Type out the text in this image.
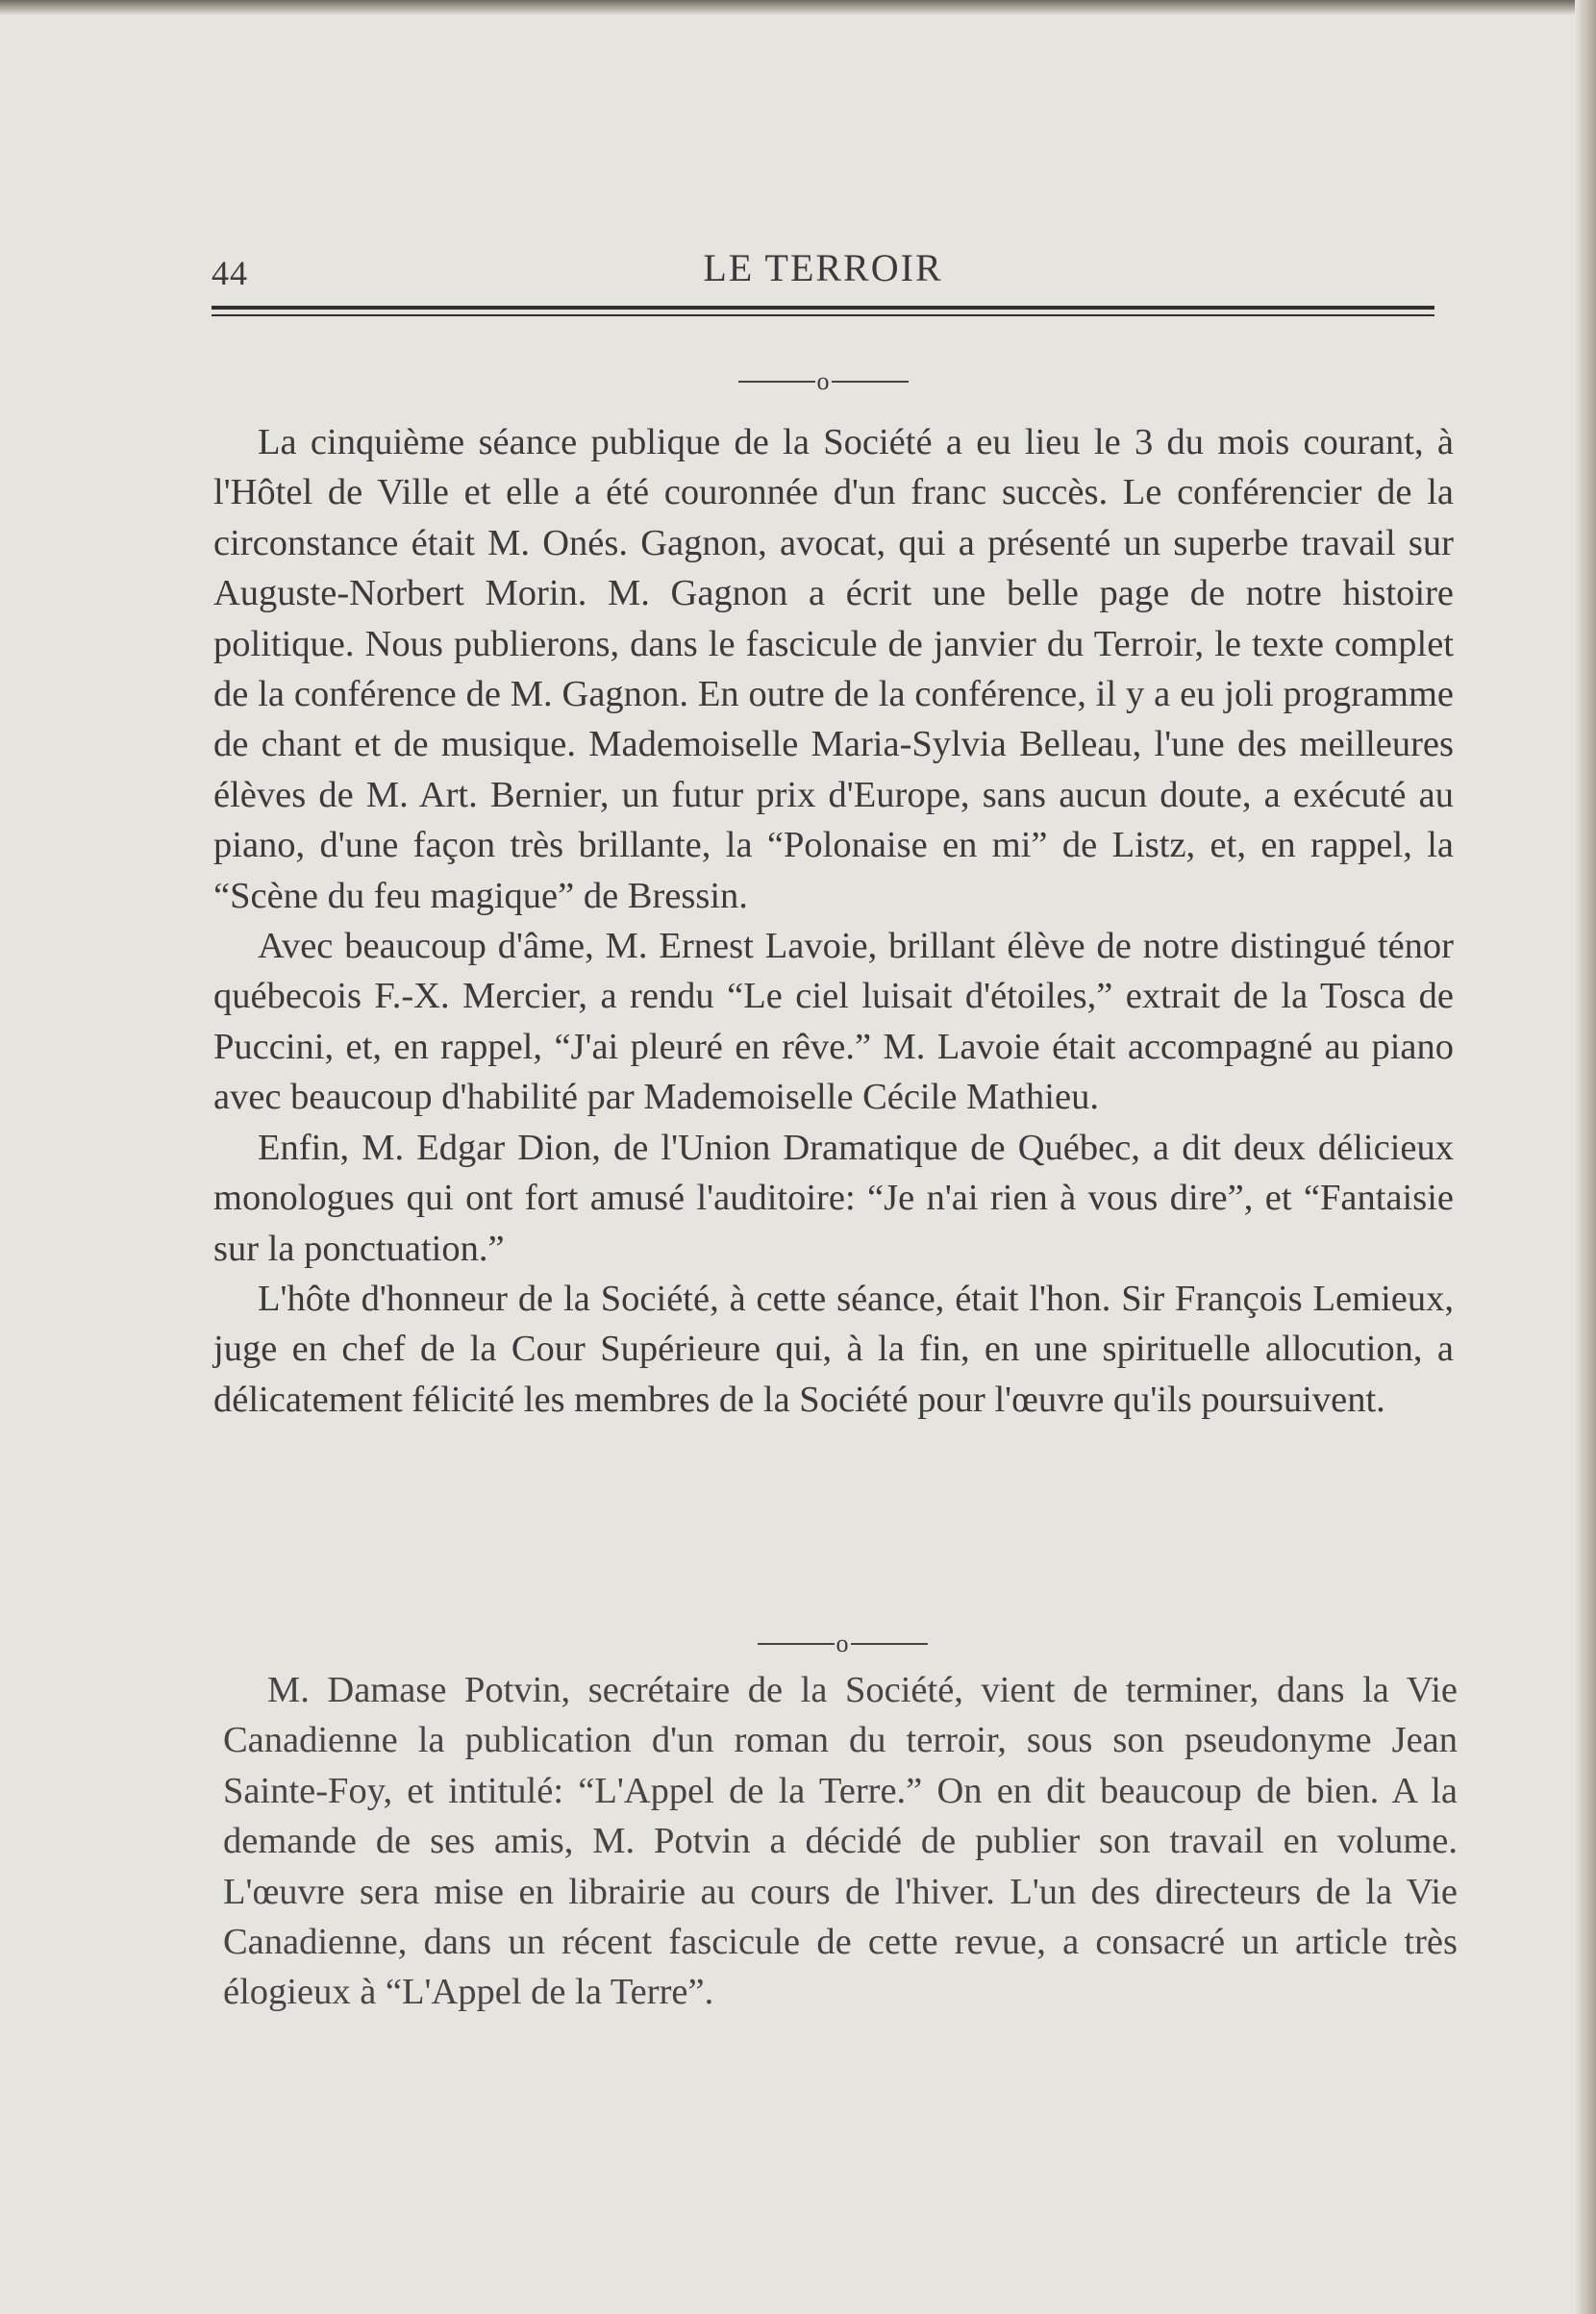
44	LE TERROIR
o

La cinquième séance publique de la Société a eu lieu le 3 du mois courant, à l'Hôtel de Ville et elle a été couronnée d'un franc succès. Le conférencier de la circonstance était M. Onés. Gagnon, avocat, qui a présenté un superbe travail sur Auguste-Norbert Morin. M. Gagnon a écrit une belle page de notre histoire politique. Nous publierons, dans le fascicule de janvier du Terroir, le texte complet de la conférence de M. Gagnon. En outre de la conférence, il y a eu joli programme de chant et de musique. Mademoiselle Maria-Sylvia Belleau, l'une des meilleures élèves de M. Art. Bernier, un futur prix d'Europe, sans aucun doute, a exécuté au piano, d'une façon très brillante, la “Polonaise en mi” de Listz, et, en rappel, la “Scène du feu magique” de Bressin.

Avec beaucoup d'âme, M. Ernest Lavoie, brillant élève de notre distingué ténor québecois F.-X. Mercier, a rendu “Le ciel luisait d'étoiles,” extrait de la Tosca de Puccini, et, en rappel, “J'ai pleuré en rêve.” M. Lavoie était accompagné au piano avec beaucoup d'habilité par Mademoiselle Cécile Mathieu.

Enfin, M. Edgar Dion, de l'Union Dramatique de Québec, a dit deux délicieux monologues qui ont fort amusé l'auditoire: “Je n'ai rien à vous dire”, et “Fantaisie sur la ponctuation.”

L'hôte d'honneur de la Société, à cette séance, était l'hon. Sir François Lemieux, juge en chef de la Cour Supérieure qui, à la fin, en une spirituelle allocution, a délicatement félicité les membres de la Société pour l'œuvre qu'ils poursuivent.

o

M. Damase Potvin, secrétaire de la Société, vient de terminer, dans la Vie Canadienne la publication d'un roman du terroir, sous son pseudonyme Jean Sainte-Foy, et intitulé: “L'Appel de la Terre.” On en dit beaucoup de bien. A la demande de ses amis, M. Potvin a décidé de publier son travail en volume. L'œuvre sera mise en librairie au cours de l'hiver. L'un des directeurs de la Vie Canadienne, dans un récent fascicule de cette revue, a consacré un article très élogieux à “L'Appel de la Terre”.
